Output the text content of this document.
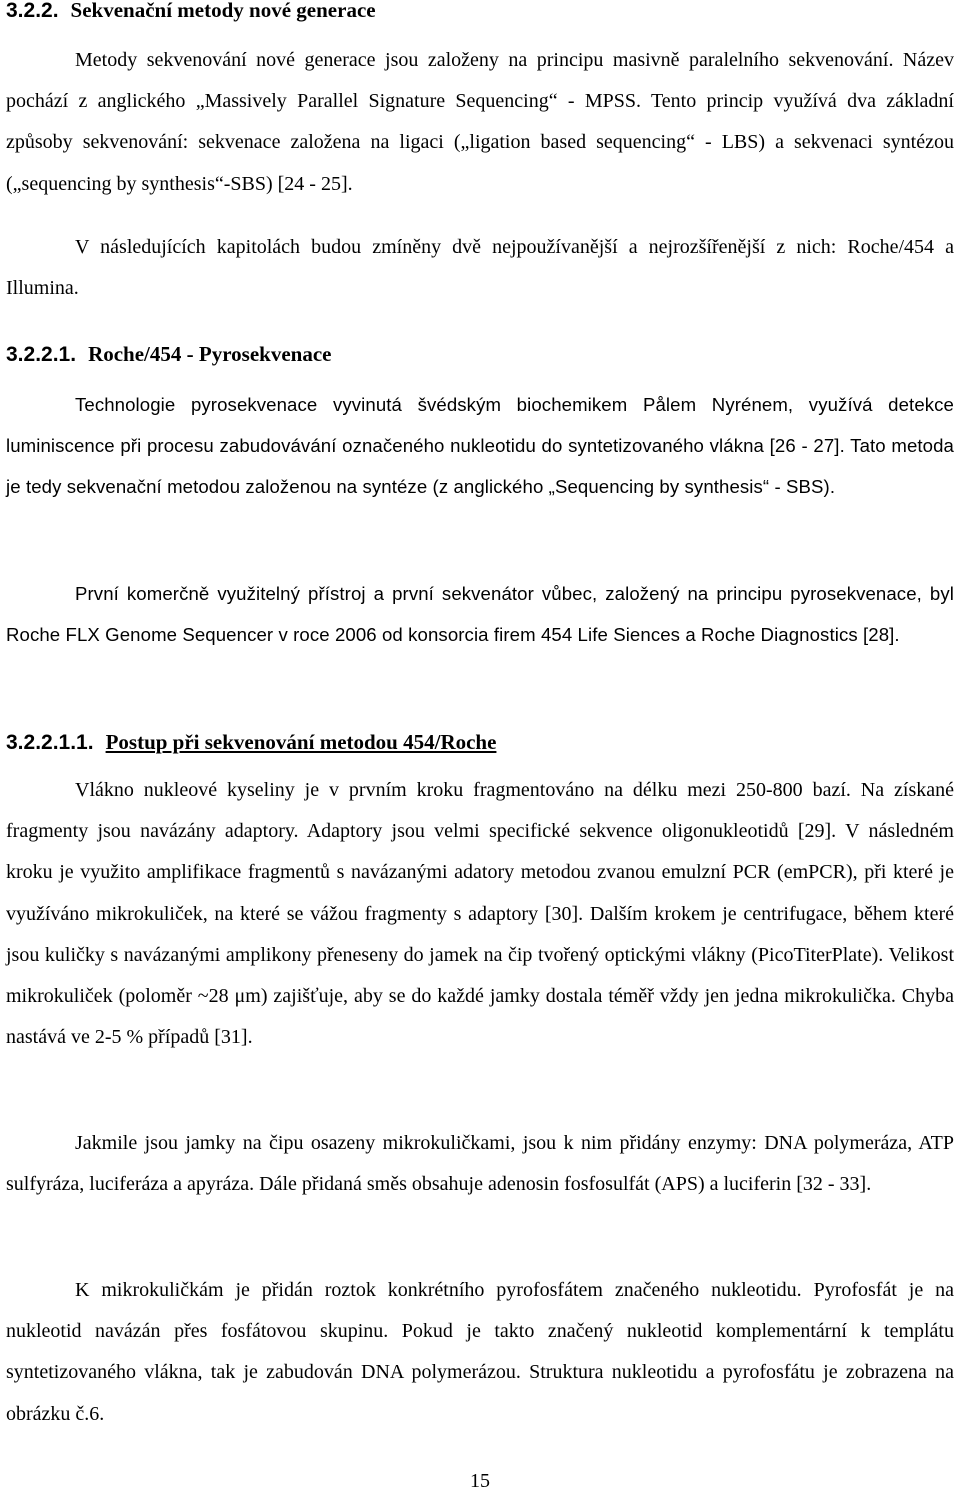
3.2.2. Sekvenační metody nové generace

Metody sekvenování nové generace jsou založeny na principu masivně paralelního sekvenování. Název pochází z anglického „Massively Parallel Signature Sequencing“ - MPSS. Tento princip využívá dva základní způsoby sekvenování: sekvenace založena na ligaci („ligation based sequencing“ - LBS) a sekvenaci syntézou („sequencing by synthesis“-SBS) [24 - 25].

V následujících kapitolách budou zmíněny dvě nejpoužívanější a nejrozšířenější z nich: Roche/454 a Illumina.

3.2.2.1. Roche/454 - Pyrosekvenace

Technologie pyrosekvenace vyvinutá švédským biochemikem Pålem Nyrénem, využívá detekce luminiscence při procesu zabudovávání označeného nukleotidu do syntetizovaného vlákna [26 - 27]. Tato metoda je tedy sekvenační metodou založenou na syntéze (z anglického „Sequencing by synthesis“ - SBS).

První komerčně využitelný přístroj a první sekvenátor vůbec, založený na principu pyrosekvenace, byl Roche FLX Genome Sequencer v roce 2006 od konsorcia firem 454 Life Siences a Roche Diagnostics [28].

3.2.2.1.1. Postup při sekvenování metodou 454/Roche

Vlákno nukleové kyseliny je v prvním kroku fragmentováno na délku mezi 250-800 bazí. Na získané fragmenty jsou navázány adaptory. Adaptory jsou velmi specifické sekvence oligonukleotidů [29]. V následném kroku je využito amplifikace fragmentů s navázanými adatory metodou zvanou emulzní PCR (emPCR), při které je využíváno mikrokuliček, na které se vážou fragmenty s adaptory [30]. Dalším krokem je centrifugace, během které jsou kuličky s navázanými amplikony přeneseny do jamek na čip tvořený optickými vlákny (PicoTiterPlate). Velikost mikrokuliček (poloměr ~28 μm) zajišťuje, aby se do každé jamky dostala téměř vždy jen jedna mikrokulička. Chyba nastává ve 2-5 % případů [31].

Jakmile jsou jamky na čipu osazeny mikrokuličkami, jsou k nim přidány enzymy: DNA polymeráza, ATP sulfyráza, luciferáza a apyráza. Dále přidaná směs obsahuje adenosin fosfosulfát (APS) a luciferin [32 - 33].

K mikrokuličkám je přidán roztok konkrétního pyrofosfátem značeného nukleotidu. Pyrofosfát je na nukleotid navázán přes fosfátovou skupinu. Pokud je takto značený nukleotid komplementární k templátu syntetizovaného vlákna, tak je zabudován DNA polymerázou. Struktura nukleotidu a pyrofosfátu je zobrazena na obrázku č.6.

15
